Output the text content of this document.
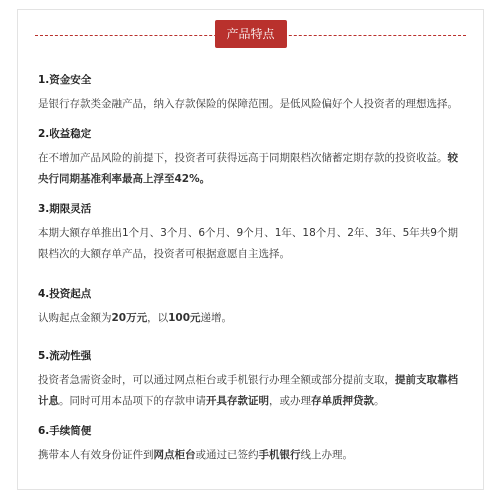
产品特点
1.资金安全
是银行存款类金融产品，纳入存款保险的保障范围。是低风险偏好个人投资者的理想选择。
2.收益稳定
在不增加产品风险的前提下，投资者可获得远高于同期限档次储蓄定期存款的投资收益。较央行同期基准利率最高上浮至42%。
3.期限灵活
本期大额存单推出1个月、3个月、6个月、9个月、1年、18个月、2年、3年、5年共9个期限档次的大额存单产品，投资者可根据意愿自主选择。
4.投资起点
认购起点金额为20万元，以100元递增。
5.流动性强
投资者急需资金时，可以通过网点柜台或手机银行办理全额或部分提前支取，提前支取靠档计息。同时可用本品项下的存款申请开具存款证明，或办理存单质押贷款。
6.手续简便
携带本人有效身份证件到网点柜台或通过已签约手机银行线上办理。
